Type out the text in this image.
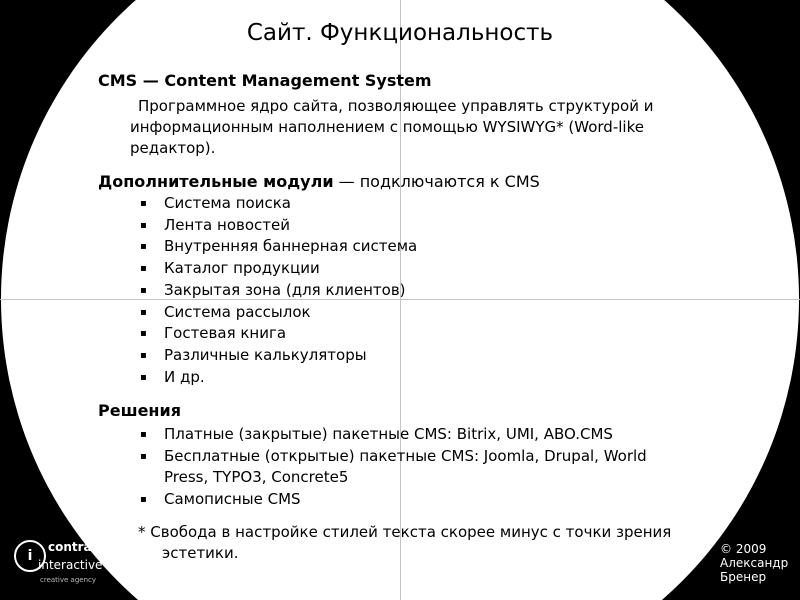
Сайт. Функциональность
CMS — Content Management System
Программное ядро сайта, позволяющее управлять структурой и
информационным наполнением с помощью WYSIWYG* (Word-like
редактор).
Дополнительные модули — подключаются к CMS
▪ Система поиска
▪ Лента новостей
▪ Внутренняя баннерная система
▪ Каталог продукции
▪ Закрытая зона (для клиентов)
▪ Система рассылок
▪ Гостевая книга
▪ Различные калькуляторы
▪ И др.
Решения
▪ Платные (закрытые) пакетные CMS: Bitrix, UMI, ABO.CMS
▪ Бесплатные (открытые) пакетные CMS: Joomla, Drupal, World
Press, TYPO3, Concrete5
▪ Самописные CMS
* Свобода в настройке стилей текста скорее минус с точки зрения
эстетики.
i
contrast
interactive
creative agency
© 2009
Александр
Бренер
